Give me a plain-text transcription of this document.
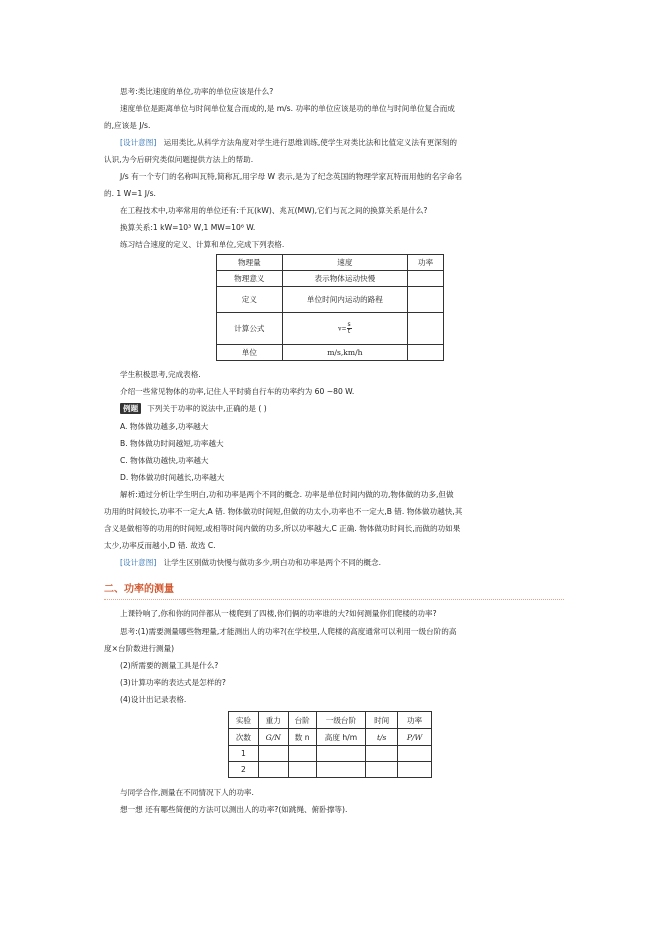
思考:类比速度的单位,功率的单位应该是什么?
速度单位是距离单位与时间单位复合而成的,是 m/s. 功率的单位应该是功的单位与时间单位复合而成
的,应该是 J/s.
[设计意图] 运用类比,从科学方法角度对学生进行思维训练,使学生对类比法和比值定义法有更深刻的
认识,为今后研究类似问题提供方法上的帮助.
J/s 有一个专门的名称叫瓦特,简称瓦,用字母 W 表示,是为了纪念英国的物理学家瓦特而用他的名字命名
的. 1 W=1 J/s.
在工程技术中,功率常用的单位还有:千瓦(kW)、兆瓦(MW),它们与瓦之间的换算关系是什么?
换算关系:1 kW=10³ W,1 MW=10⁶ W.
练习结合速度的定义、计算和单位,完成下列表格.
物理量	速度	功率
物理意义	表示物体运动快慢	
定义	单位时间内运动的路程	
计算公式	$v= \frac{s}{t}$	
单位	m/s,km/h	
学生积极思考,完成表格.
介绍一些常见物体的功率,记住人平时骑自行车的功率约为 60 ~80 W.
例题 下列关于功率的说法中,正确的是 ( )
A. 物体做功越多,功率越大
B. 物体做功时间越短,功率越大
C. 物体做功越快,功率越大
D. 物体做功时间越长,功率越大
解析:通过分析让学生明白,功和功率是两个不同的概念. 功率是单位时间内做的功,物体做的功多,但做
功用的时间较长,功率不一定大,A 错. 物体做功时间短,但做的功太小,功率也不一定大,B 错. 物体做功越快,其
含义是做相等的功用的时间短,或相等时间内做的功多,所以功率越大,C 正确. 物体做功时间长,而做的功如果
太少,功率反而越小,D 错. 故选 C.
[设计意图] 让学生区别做功快慢与做功多少,明白功和功率是两个不同的概念.
二、功率的测量
上课铃响了,你和你的同伴都从一楼爬到了四楼,你们俩的功率谁的大?如何测量你们爬楼的功率?
思考:(1)需要测量哪些物理量,才能测出人的功率?(在学校里,人爬楼的高度通常可以利用一级台阶的高
度×台阶数进行测量)
(2)所需要的测量工具是什么?
(3)计算功率的表达式是怎样的?
(4)设计出记录表格.
实验	重力	台阶	一级台阶	时间	功率
次数	G/N	数 n	高度 h/m	t/s	P/W
1					
2					
与同学合作,测量在不同情况下人的功率.
想一想 还有哪些简便的方法可以测出人的功率?(如跳绳、俯卧撑等).
